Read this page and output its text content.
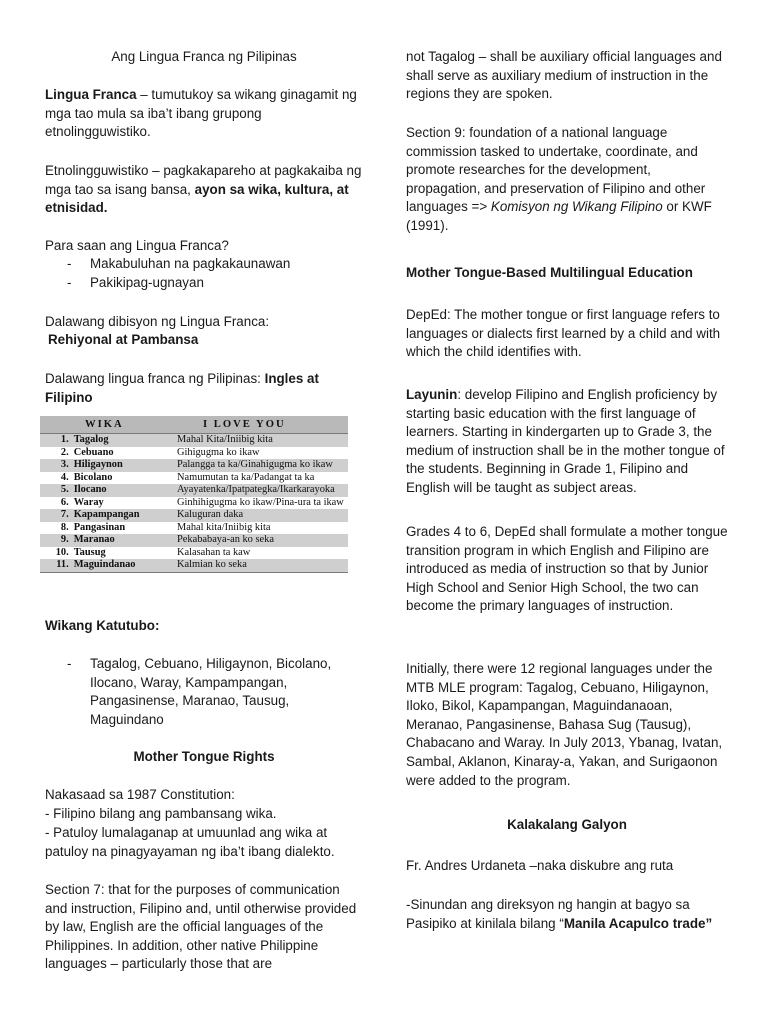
Ang Lingua Franca ng Pilipinas

Lingua Franca – tumutukoy sa wikang ginagamit ng mga tao mula sa iba’t ibang grupong etnolingguwistiko.

Etnolingguwistiko – pagkakapareho at pagkakaiba ng mga tao sa isang bansa, ayon sa wika, kultura, at etnisidad.

Para saan ang Lingua Franca?

- Makabuluhan na pagkakaunawan
- Pakikipag-ugnayan

Dalawang dibisyon ng Lingua Franca:

Rehiyonal at Pambansa

Dalawang lingua franca ng Pilipinas: Ingles at Filipino

WIKA		I LOVE YOU
1.	Tagalog	Mahal Kita/Iniibig kita
2.	Cebuano	Gihigugma ko ikaw
3.	Hiligaynon	Palangga ta ka/Ginahigugma ko ikaw
4.	Bicolano	Namumutan ta ka/Padangat ta ka
5.	Ilocano	Ayayatenka/Ipatpategka/Ikarkarayoka
6.	Waray	Ginhihigugma ko ikaw/Pina-ura ta ikaw
7.	Kapampangan	Kaluguran daka
8.	Pangasinan	Mahal kita/Iniibig kita
9.	Maranao	Pekababaya-an ko seka
10.	Tausug	Kalasahan ta kaw
11.	Maguindanao	Kalmian ko seka

Wikang Katutubo:

- Tagalog, Cebuano, Hiligaynon, Bicolano, Ilocano, Waray, Kampampangan, Pangasinense, Maranao, Tausug, Maguindano

Mother Tongue Rights

Nakasaad sa 1987 Constitution:

- Filipino bilang ang pambansang wika.

- Patuloy lumalaganap at umuunlad ang wika at patuloy na pinagyayaman ng iba’t ibang dialekto.

Section 7: that for the purposes of communication and instruction, Filipino and, until otherwise provided by law, English are the official languages of the Philippines. In addition, other native Philippine languages – particularly those that are

not Tagalog – shall be auxiliary official languages and shall serve as auxiliary medium of instruction in the regions they are spoken.

Section 9: foundation of a national language commission tasked to undertake, coordinate, and promote researches for the development, propagation, and preservation of Filipino and other languages => Komisyon ng Wikang Filipino or KWF (1991).

Mother Tongue-Based Multilingual Education

DepEd: The mother tongue or first language refers to languages or dialects first learned by a child and with which the child identifies with.

Layunin: develop Filipino and English proficiency by starting basic education with the first language of learners. Starting in kindergarten up to Grade 3, the medium of instruction shall be in the mother tongue of the students. Beginning in Grade 1, Filipino and English will be taught as subject areas.

Grades 4 to 6, DepEd shall formulate a mother tongue transition program in which English and Filipino are introduced as media of instruction so that by Junior High School and Senior High School, the two can become the primary languages of instruction.

Initially, there were 12 regional languages under the MTB MLE program: Tagalog, Cebuano, Hiligaynon, Iloko, Bikol, Kapampangan, Maguindanaoan, Meranao, Pangasinense, Bahasa Sug (Tausug), Chabacano and Waray. In July 2013, Ybanag, Ivatan, Sambal, Aklanon, Kinaray-a, Yakan, and Surigaonon were added to the program.

Kalakalang Galyon

Fr. Andres Urdaneta –naka diskubre ang ruta

-Sinundan ang direksyon ng hangin at bagyo sa Pasipiko at kinilala bilang “Manila Acapulco trade”
